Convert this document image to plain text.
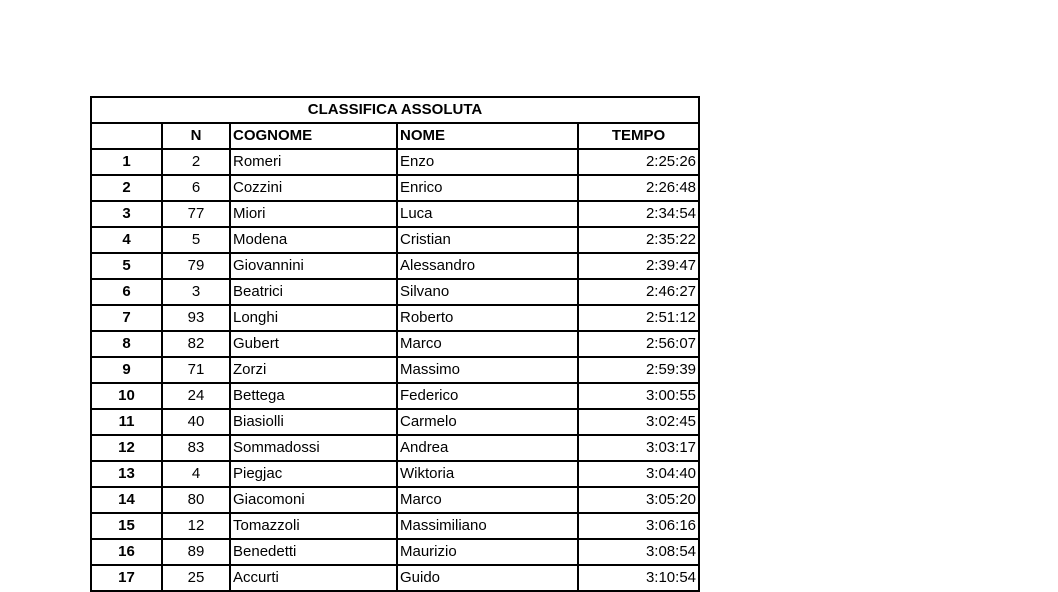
CLASSIFICA ASSOLUTA				
	N	COGNOME	NOME	TEMPO
1	2	Romeri	Enzo	2:25:26
2	6	Cozzini	Enrico	2:26:48
3	77	Miori	Luca	2:34:54
4	5	Modena	Cristian	2:35:22
5	79	Giovannini	Alessandro	2:39:47
6	3	Beatrici	Silvano	2:46:27
7	93	Longhi	Roberto	2:51:12
8	82	Gubert	Marco	2:56:07
9	71	Zorzi	Massimo	2:59:39
10	24	Bettega	Federico	3:00:55
11	40	Biasiolli	Carmelo	3:02:45
12	83	Sommadossi	Andrea	3:03:17
13	4	Piegjac	Wiktoria	3:04:40
14	80	Giacomoni	Marco	3:05:20
15	12	Tomazzoli	Massimiliano	3:06:16
16	89	Benedetti	Maurizio	3:08:54
17	25	Accurti	Guido	3:10:54
